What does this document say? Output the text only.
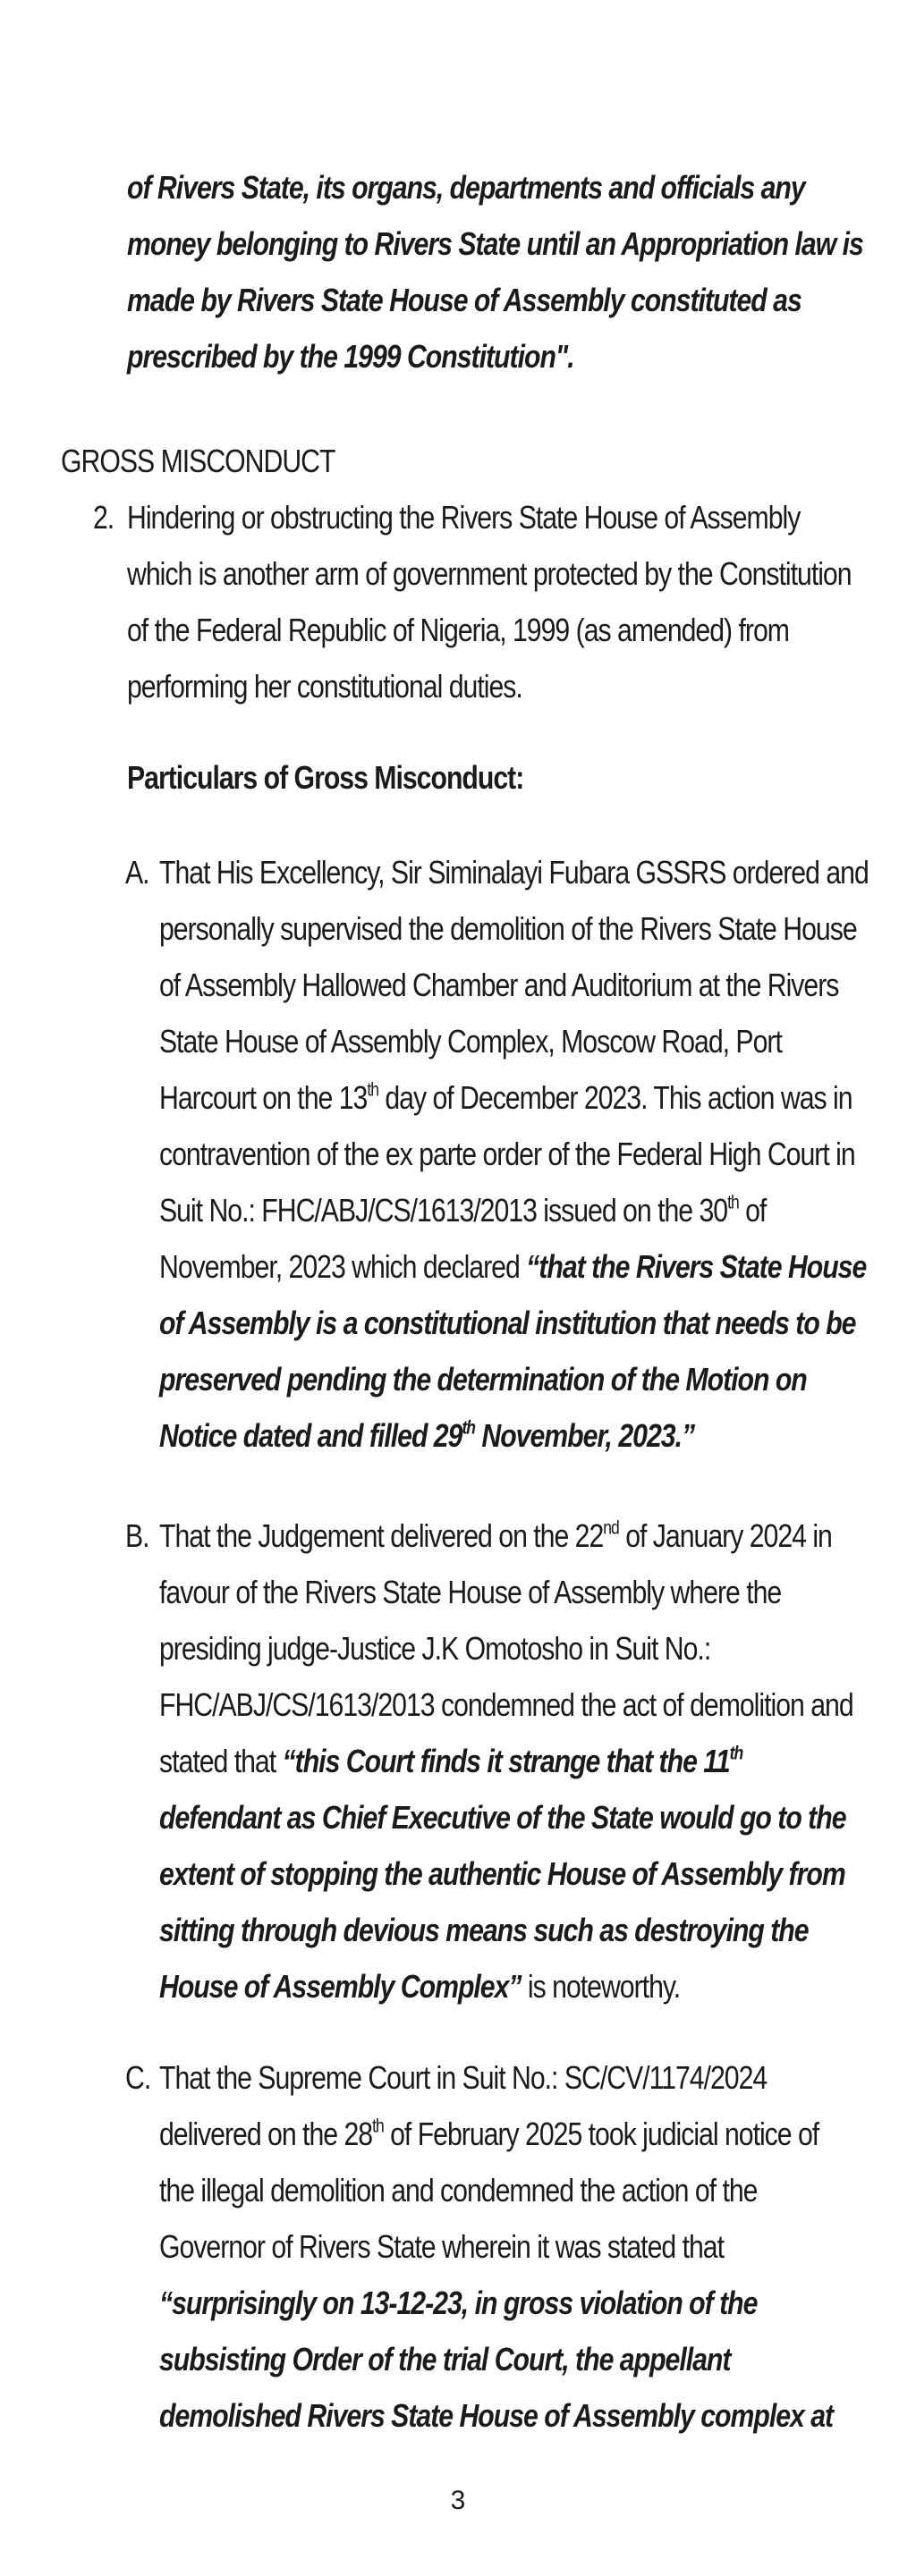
of Rivers State, its organs, departments and officials any
money belonging to Rivers State until an Appropriation law is
made by Rivers State House of Assembly constituted as
prescribed by the 1999 Constitution".
GROSS MISCONDUCT
2. Hindering or obstructing the Rivers State House of Assembly
which is another arm of government protected by the Constitution
of the Federal Republic of Nigeria, 1999 (as amended) from
performing her constitutional duties.
Particulars of Gross Misconduct:
A. That His Excellency, Sir Siminalayi Fubara GSSRS ordered and
personally supervised the demolition of the Rivers State House
of Assembly Hallowed Chamber and Auditorium at the Rivers
State House of Assembly Complex, Moscow Road, Port
Harcourt on the 13th day of December 2023. This action was in
contravention of the ex parte order of the Federal High Court in
Suit No.: FHC/ABJ/CS/1613/2013 issued on the 30th of
November, 2023 which declared “that the Rivers State House
of Assembly is a constitutional institution that needs to be
preserved pending the determination of the Motion on
Notice dated and filled 29th November, 2023.”
B. That the Judgement delivered on the 22nd of January 2024 in
favour of the Rivers State House of Assembly where the
presiding judge-Justice J.K Omotosho in Suit No.:
FHC/ABJ/CS/1613/2013 condemned the act of demolition and
stated that “this Court finds it strange that the 11th
defendant as Chief Executive of the State would go to the
extent of stopping the authentic House of Assembly from
sitting through devious means such as destroying the
House of Assembly Complex” is noteworthy.
C. That the Supreme Court in Suit No.: SC/CV/1174/2024
delivered on the 28th of February 2025 took judicial notice of
the illegal demolition and condemned the action of the
Governor of Rivers State wherein it was stated that
“surprisingly on 13-12-23, in gross violation of the
subsisting Order of the trial Court, the appellant
demolished Rivers State House of Assembly complex at
3
